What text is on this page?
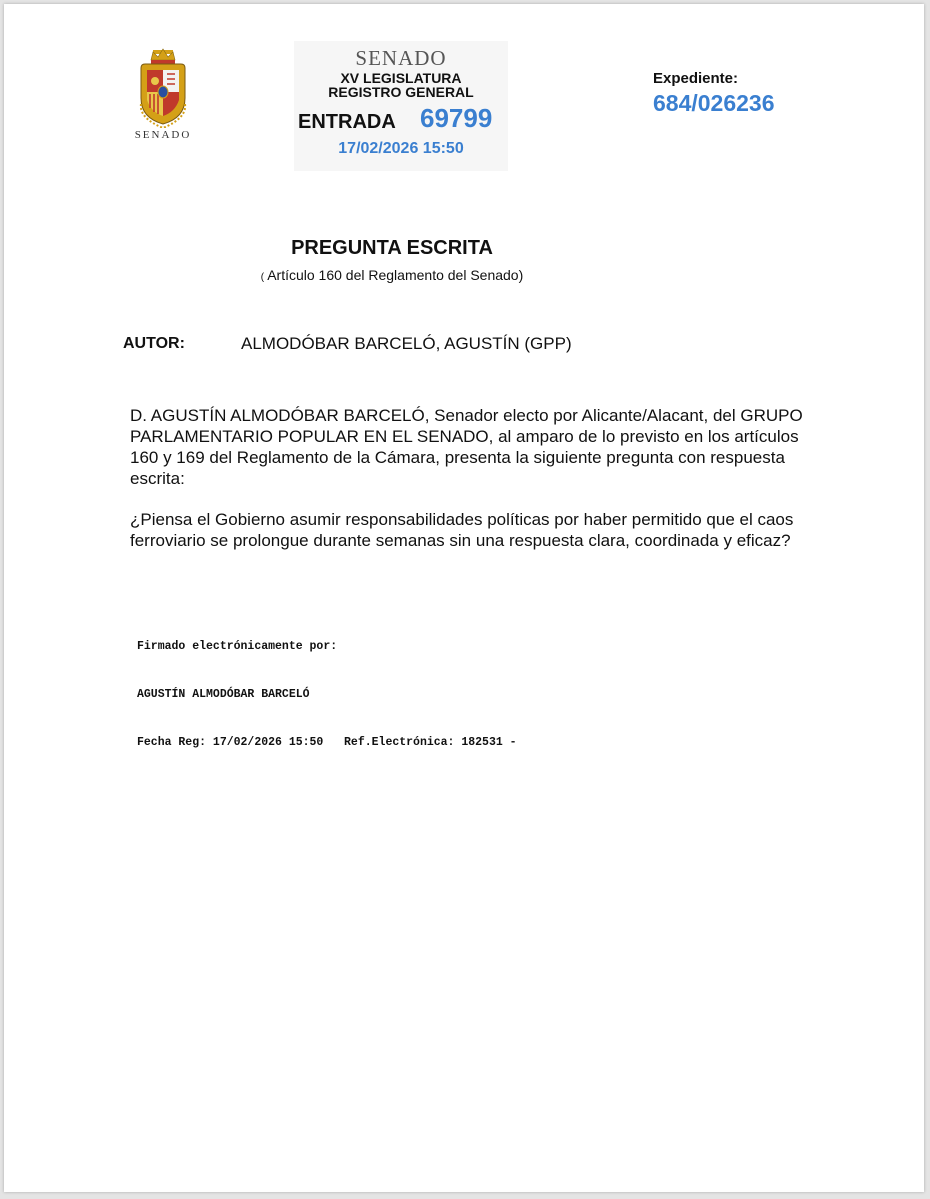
SENADO
SENADO
XV LEGISLATURA
REGISTRO GENERAL
ENTRADA 69799
17/02/2026 15:50
Expediente:
684/026236
PREGUNTA ESCRITA
( Artículo 160 del Reglamento del Senado)
AUTOR:	ALMODÓBAR BARCELÓ, AGUSTÍN (GPP)
D. AGUSTÍN ALMODÓBAR BARCELÓ, Senador electo por Alicante/Alacant, del GRUPO PARLAMENTARIO POPULAR EN EL SENADO, al amparo de lo previsto en los artículos 160 y 169 del Reglamento de la Cámara, presenta la siguiente pregunta con respuesta escrita:
¿Piensa el Gobierno asumir responsabilidades políticas por haber permitido que el caos ferroviario se prolongue durante semanas sin una respuesta clara, coordinada y eficaz?

Firmado electrónicamente por:

AGUSTÍN ALMODÓBAR BARCELÓ

Fecha Reg: 17/02/2026 15:50   Ref.Electrónica: 182531 -
